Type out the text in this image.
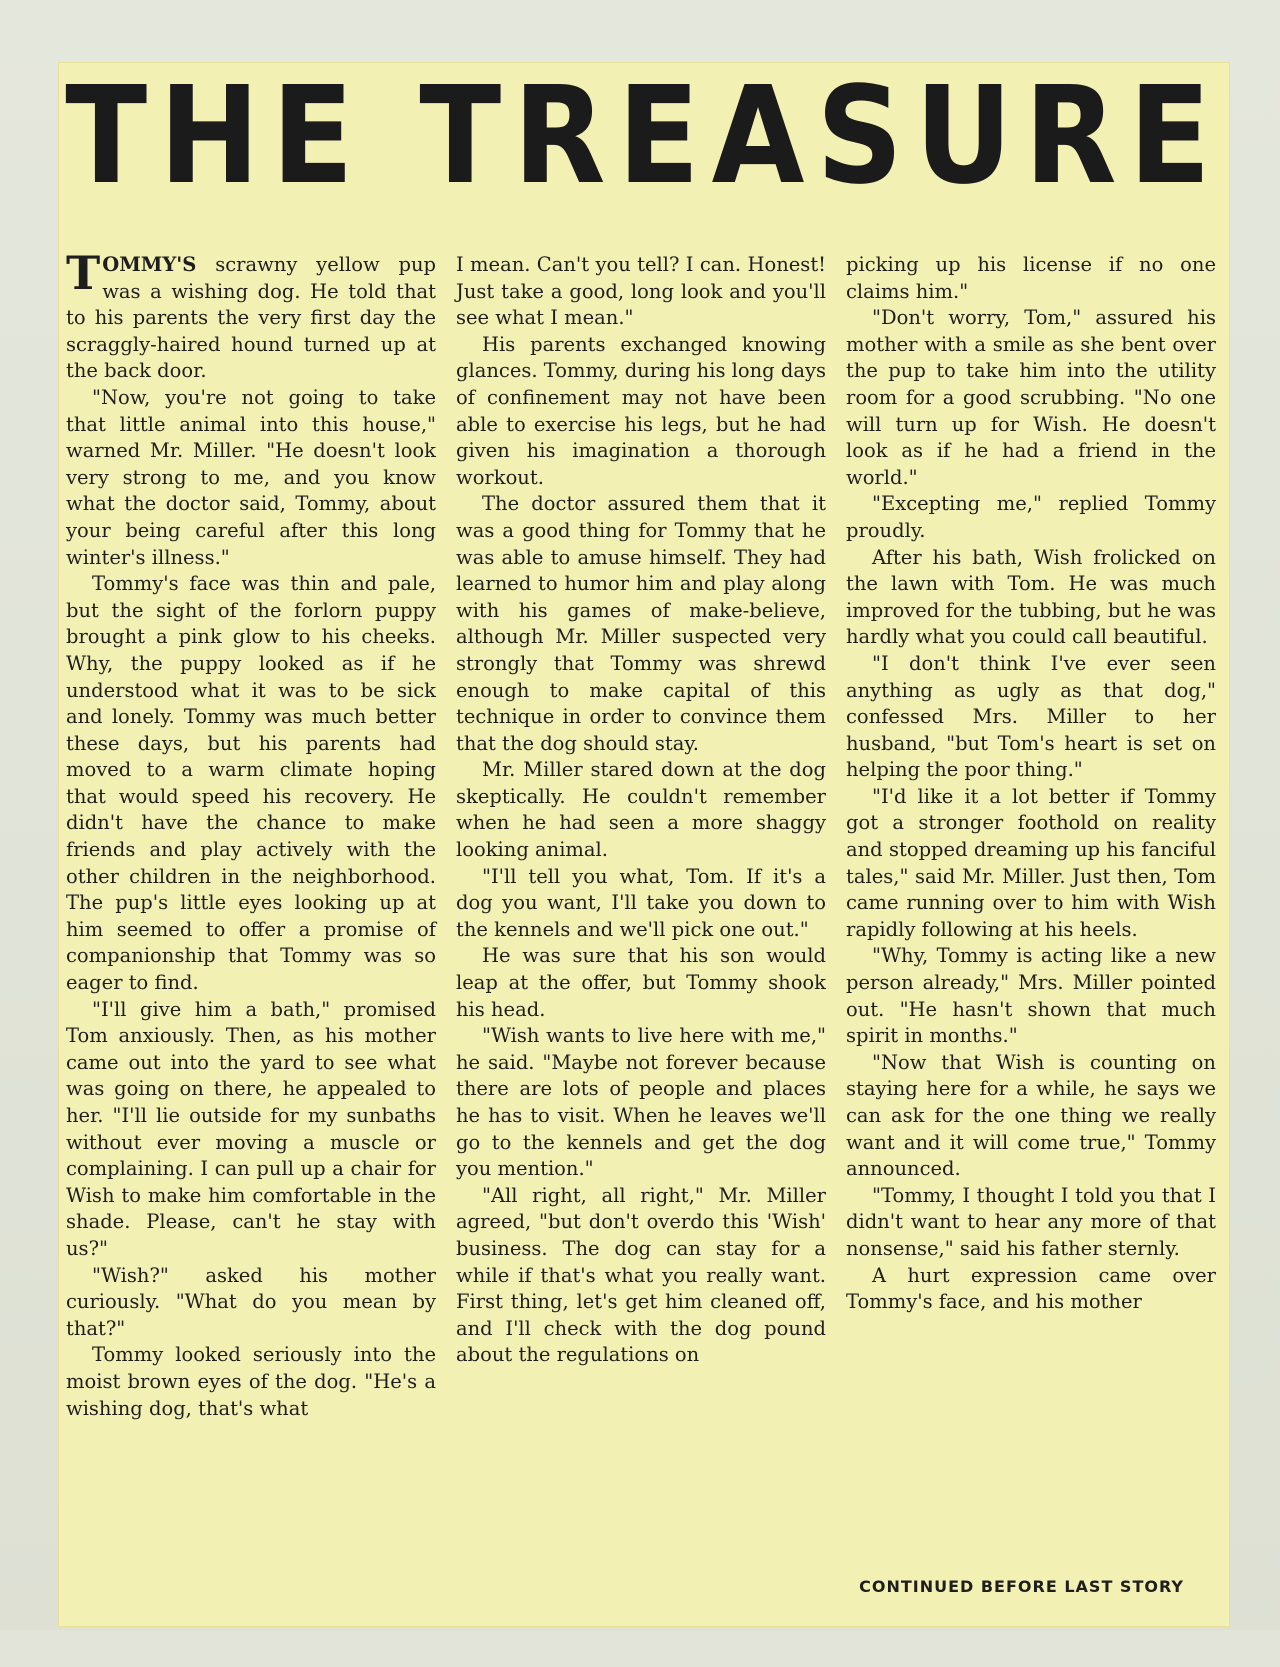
THE TREASURE

TOMMY'S scrawny yellow pup was a wishing dog. He told that to his parents the very first day the scraggly-haired hound turned up at the back door.

"Now, you're not going to take that little animal into this house," warned Mr. Miller. "He doesn't look very strong to me, and you know what the doctor said, Tommy, about your being careful after this long winter's illness."

Tommy's face was thin and pale, but the sight of the forlorn puppy brought a pink glow to his cheeks. Why, the puppy looked as if he understood what it was to be sick and lonely. Tommy was much better these days, but his parents had moved to a warm climate hoping that would speed his recovery. He didn't have the chance to make friends and play actively with the other children in the neighborhood. The pup's little eyes looking up at him seemed to offer a promise of companionship that Tommy was so eager to find.

"I'll give him a bath," promised Tom anxiously. Then, as his mother came out into the yard to see what was going on there, he appealed to her. "I'll lie outside for my sunbaths without ever moving a muscle or complaining. I can pull up a chair for Wish to make him comfortable in the shade. Please, can't he stay with us?"

"Wish?" asked his mother curiously. "What do you mean by that?"

Tommy looked seriously into the moist brown eyes of the dog. "He's a wishing dog, that's what

I mean. Can't you tell? I can. Honest! Just take a good, long look and you'll see what I mean."

His parents exchanged knowing glances. Tommy, during his long days of confinement may not have been able to exercise his legs, but he had given his imagination a thorough workout.

The doctor assured them that it was a good thing for Tommy that he was able to amuse himself. They had learned to humor him and play along with his games of make-believe, although Mr. Miller suspected very strongly that Tommy was shrewd enough to make capital of this technique in order to convince them that the dog should stay.

Mr. Miller stared down at the dog skeptically. He couldn't remember when he had seen a more shaggy looking animal.

"I'll tell you what, Tom. If it's a dog you want, I'll take you down to the kennels and we'll pick one out."

He was sure that his son would leap at the offer, but Tommy shook his head.

"Wish wants to live here with me," he said. "Maybe not forever because there are lots of people and places he has to visit. When he leaves we'll go to the kennels and get the dog you mention."

"All right, all right," Mr. Miller agreed, "but don't overdo this 'Wish' business. The dog can stay for a while if that's what you really want. First thing, let's get him cleaned off, and I'll check with the dog pound about the regulations on

picking up his license if no one claims him."

"Don't worry, Tom," assured his mother with a smile as she bent over the pup to take him into the utility room for a good scrubbing. "No one will turn up for Wish. He doesn't look as if he had a friend in the world."

"Excepting me," replied Tommy proudly.

After his bath, Wish frolicked on the lawn with Tom. He was much improved for the tubbing, but he was hardly what you could call beautiful.

"I don't think I've ever seen anything as ugly as that dog," confessed Mrs. Miller to her husband, "but Tom's heart is set on helping the poor thing."

"I'd like it a lot better if Tommy got a stronger foothold on reality and stopped dreaming up his fanciful tales," said Mr. Miller. Just then, Tom came running over to him with Wish rapidly following at his heels.

"Why, Tommy is acting like a new person already," Mrs. Miller pointed out. "He hasn't shown that much spirit in months."

"Now that Wish is counting on staying here for a while, he says we can ask for the one thing we really want and it will come true," Tommy announced.

"Tommy, I thought I told you that I didn't want to hear any more of that nonsense," said his father sternly.

A hurt expression came over Tommy's face, and his mother

CONTINUED BEFORE LAST STORY
